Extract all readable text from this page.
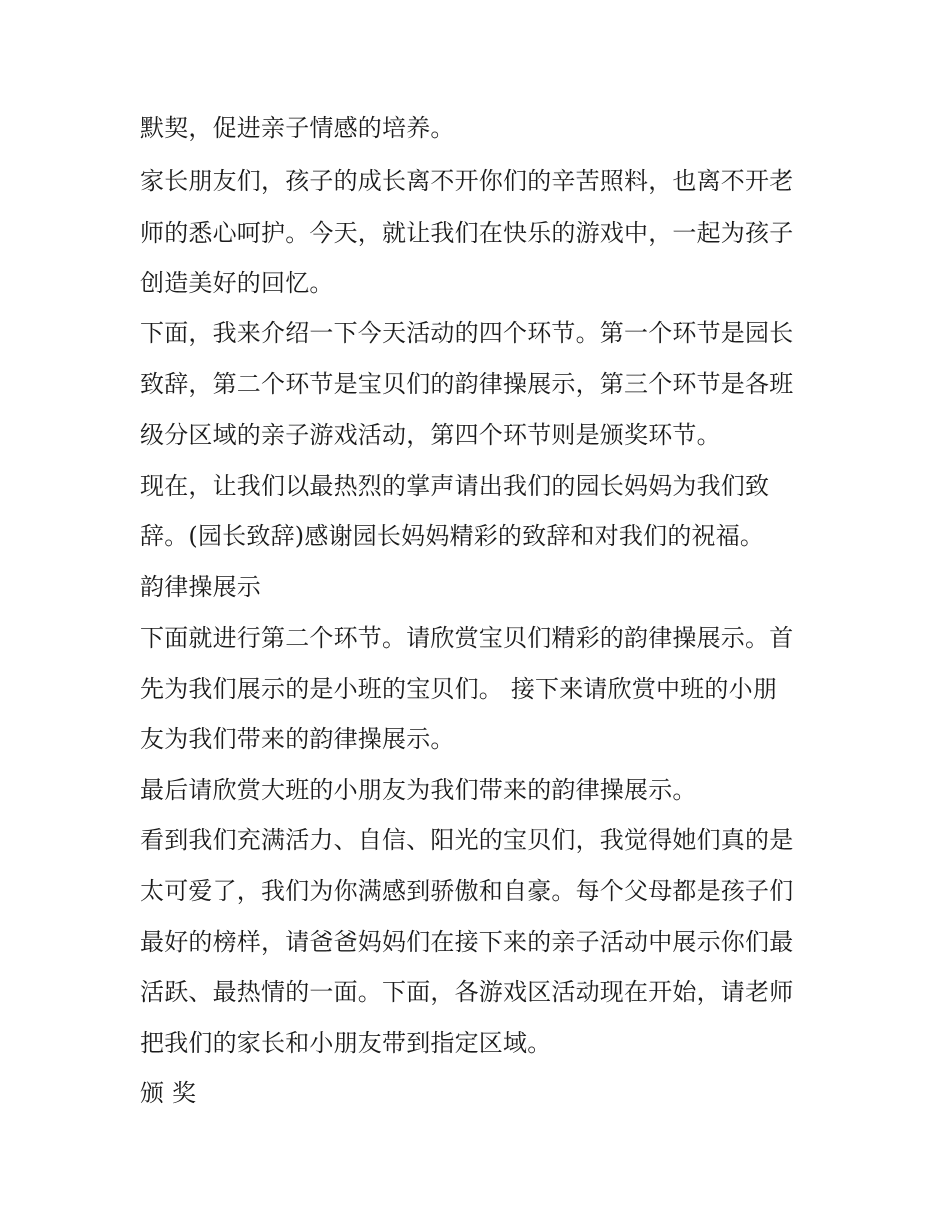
默契，促进亲子情感的培养。

家长朋友们，孩子的成长离不开你们的辛苦照料，也离不开老

师的悉心呵护。今天，就让我们在快乐的游戏中，一起为孩子

创造美好的回忆。

下面，我来介绍一下今天活动的四个环节。第一个环节是园长

致辞，第二个环节是宝贝们的韵律操展示，第三个环节是各班

级分区域的亲子游戏活动，第四个环节则是颁奖环节。

现在，让我们以最热烈的掌声请出我们的园长妈妈为我们致

辞。(园长致辞)感谢园长妈妈精彩的致辞和对我们的祝福。

韵律操展示

下面就进行第二个环节。请欣赏宝贝们精彩的韵律操展示。首

先为我们展示的是小班的宝贝们。 接下来请欣赏中班的小朋

友为我们带来的韵律操展示。

最后请欣赏大班的小朋友为我们带来的韵律操展示。

看到我们充满活力、自信、阳光的宝贝们，我觉得她们真的是

太可爱了，我们为你满感到骄傲和自豪。每个父母都是孩子们

最好的榜样，请爸爸妈妈们在接下来的亲子活动中展示你们最

活跃、最热情的一面。下面，各游戏区活动现在开始，请老师

把我们的家长和小朋友带到指定区域。

颁 奖
